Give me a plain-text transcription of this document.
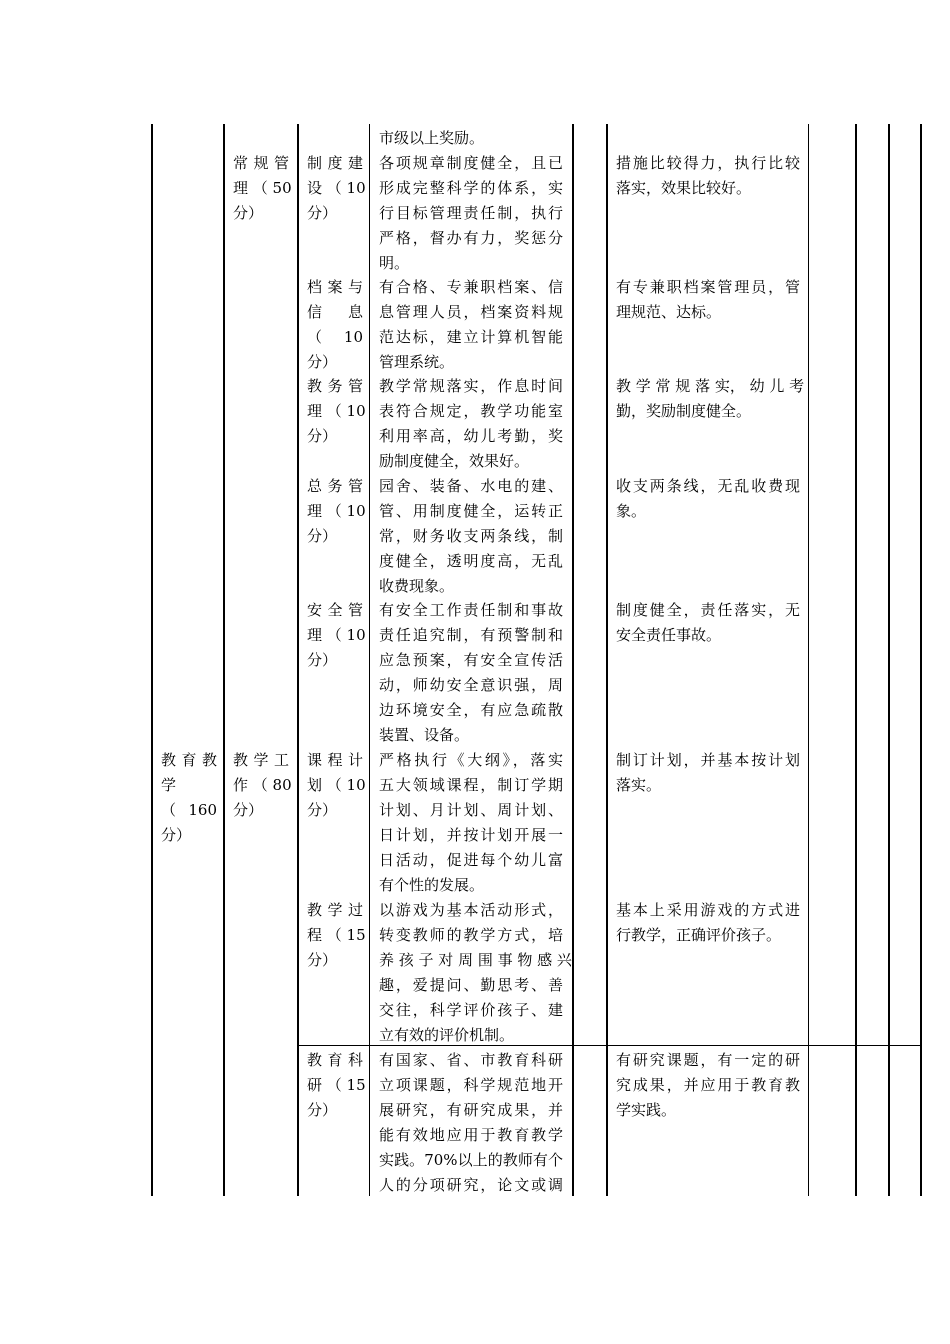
教 育 教
学
（ 160
分）
常 规 管
理 （ 50
分）
教 学 工
作 （ 80
分）
市级以上奖励。
制 度 建
设 （ 10
分）
各项规章制度健全，且已
形成完整科学的体系，实
行目标管理责任制，执行
严格，督办有力，奖惩分
明。
措施比较得力，执行比较
落实，效果比较好。
档 案 与
信 息
（ 10
分）
有合格、专兼职档案、信
息管理人员，档案资料规
范达标，建立计算机智能
管理系统。
有专兼职档案管理员，管
理规范、达标。
教 务 管
理 （ 10
分）
教学常规落实，作息时间
表符合规定，教学功能室
利用率高，幼儿考勤，奖
励制度健全，效果好。
教 学 常 规 落 实， 幼 儿 考
勤，奖励制度健全。
总 务 管
理 （ 10
分）
园舍、装备、水电的建、
管、用制度健全，运转正
常，财务收支两条线，制
度健全，透明度高，无乱
收费现象。
收支两条线，无乱收费现
象。
安 全 管
理 （ 10
分）
有安全工作责任制和事故
责任追究制，有预警制和
应急预案，有安全宣传活
动，师幼安全意识强，周
边环境安全，有应急疏散
装置、设备。
制度健全，责任落实，无
安全责任事故。
课 程 计
划 （ 10
分）
严格执行《大纲》，落实
五大领域课程，制订学期
计划、月计划、周计划、
日计划，并按计划开展一
日活动，促进每个幼儿富
有个性的发展。
制订计划，并基本按计划
落实。
教 学 过
程 （ 15
分）
以游戏为基本活动形式，
转变教师的教学方式，培
养 孩 子 对 周 围 事 物 感 兴
趣，爱提问、勤思考、善
交往，科学评价孩子、建
立有效的评价机制。
基本上采用游戏的方式进
行教学，正确评价孩子。
教 育 科
研 （ 15
分）
有国家、省、市教育科研
立项课题，科学规范地开
展研究，有研究成果，并
能有效地应用于教育教学
实践。70%以上的教师有个
人的分项研究，论文或调
有研究课题，有一定的研
究成果，并应用于教育教
学实践。
